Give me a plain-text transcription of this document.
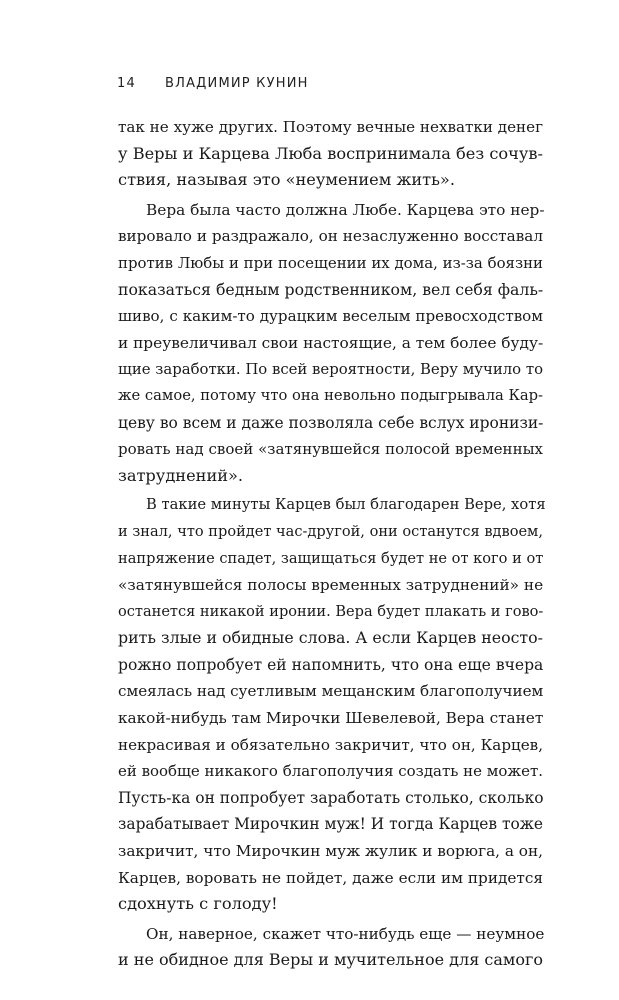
14 ВЛАДИМИР КУНИН

так не хуже других. Поэтому вечные нехватки денег
у Веры и Карцева Люба воспринимала без сочув-
ствия, называя это «неумением жить».

Вера была часто должна Любе. Карцева это нер-
вировало и раздражало, он незаслуженно восставал
против Любы и при посещении их дома, из-за боязни
показаться бедным родственником, вел себя фаль-
шиво, с каким-то дурацким веселым превосходством
и преувеличивал свои настоящие, а тем более буду-
щие заработки. По всей вероятности, Веру мучило то
же самое, потому что она невольно подыгрывала Кар-
цеву во всем и даже позволяла себе вслух иронизи-
ровать над своей «затянувшейся полосой временных
затруднений».

В такие минуты Карцев был благодарен Вере, хотя
и знал, что пройдет час-другой, они останутся вдвоем,
напряжение спадет, защищаться будет не от кого и от
«затянувшейся полосы временных затруднений» не
останется никакой иронии. Вера будет плакать и гово-
рить злые и обидные слова. А если Карцев неосто-
рожно попробует ей напомнить, что она еще вчера
смеялась над суетливым мещанским благополучием
какой-нибудь там Мирочки Шевелевой, Вера станет
некрасивая и обязательно закричит, что он, Карцев,
ей вообще никакого благополучия создать не может.
Пусть-ка он попробует заработать столько, сколько
зарабатывает Мирочкин муж! И тогда Карцев тоже
закричит, что Мирочкин муж жулик и ворюга, а он,
Карцев, воровать не пойдет, даже если им придется
сдохнуть с голоду!

Он, наверное, скажет что-нибудь еще — неумное
и не обидное для Веры и мучительное для самого
